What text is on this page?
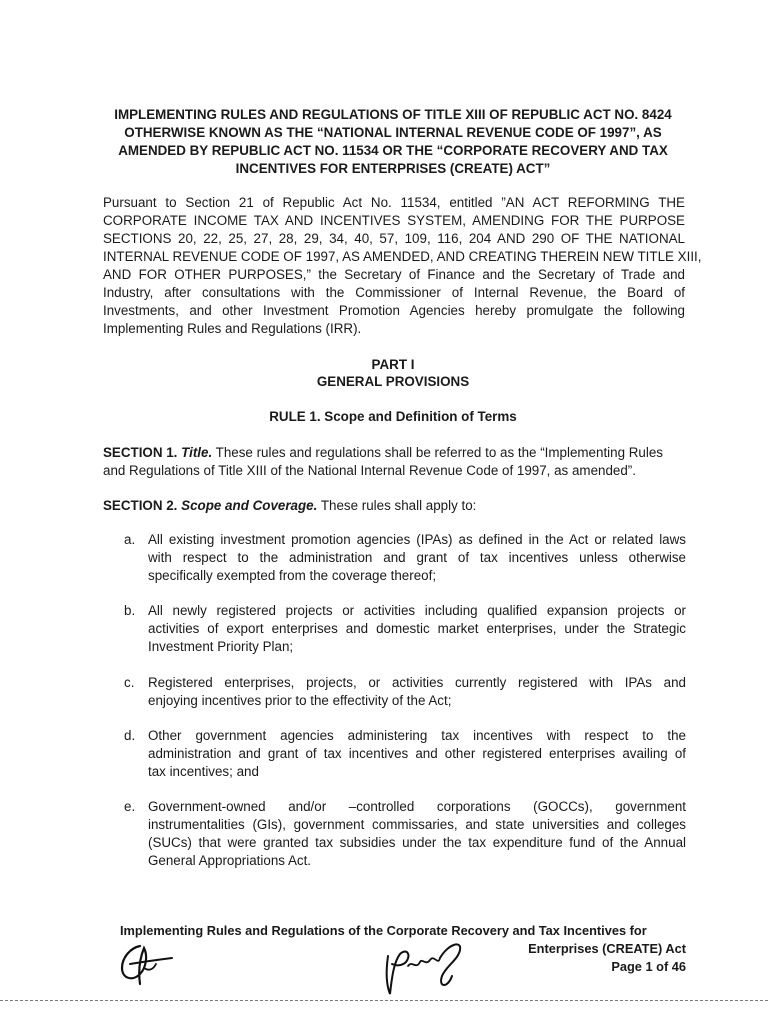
IMPLEMENTING RULES AND REGULATIONS OF TITLE XIII OF REPUBLIC ACT NO. 8424
OTHERWISE KNOWN AS THE “NATIONAL INTERNAL REVENUE CODE OF 1997”, AS
AMENDED BY REPUBLIC ACT NO. 11534 OR THE “CORPORATE RECOVERY AND TAX
INCENTIVES FOR ENTERPRISES (CREATE) ACT”
Pursuant to Section 21 of Republic Act No. 11534, entitled ”AN ACT REFORMING THE
CORPORATE INCOME TAX AND INCENTIVES SYSTEM, AMENDING FOR THE PURPOSE
SECTIONS 20, 22, 25, 27, 28, 29, 34, 40, 57, 109, 116, 204 AND 290 OF THE NATIONAL
INTERNAL REVENUE CODE OF 1997, AS AMENDED, AND CREATING THEREIN NEW TITLE XIII,
AND FOR OTHER PURPOSES,” the Secretary of Finance and the Secretary of Trade and
Industry, after consultations with the Commissioner of Internal Revenue, the Board of
Investments, and other Investment Promotion Agencies hereby promulgate the following
Implementing Rules and Regulations (IRR).
PART I
GENERAL PROVISIONS
RULE 1. Scope and Definition of Terms
SECTION 1. Title. These rules and regulations shall be referred to as the “Implementing Rules
and Regulations of Title XIII of the National Internal Revenue Code of 1997, as amended”.
SECTION 2. Scope and Coverage. These rules shall apply to:
a. All existing investment promotion agencies (IPAs) as defined in the Act or related laws
with respect to the administration and grant of tax incentives unless otherwise
specifically exempted from the coverage thereof;
b. All newly registered projects or activities including qualified expansion projects or
activities of export enterprises and domestic market enterprises, under the Strategic
Investment Priority Plan;
c.	Registered enterprises, projects, or activities currently registered with IPAs and
enjoying incentives prior to the effectivity of the Act;
d. Other government agencies administering tax incentives with respect to the
administration and grant of tax incentives and other registered enterprises availing of
tax incentives; and
e. Government-owned and/or –controlled corporations (GOCCs), government
instrumentalities (GIs), government commissaries, and state universities and colleges
(SUCs) that were granted tax subsidies under the tax expenditure fund of the Annual
General Appropriations Act.
Implementing Rules and Regulations of the Corporate Recovery and Tax Incentives for
Enterprises (CREATE) Act
Page 1 of 46
